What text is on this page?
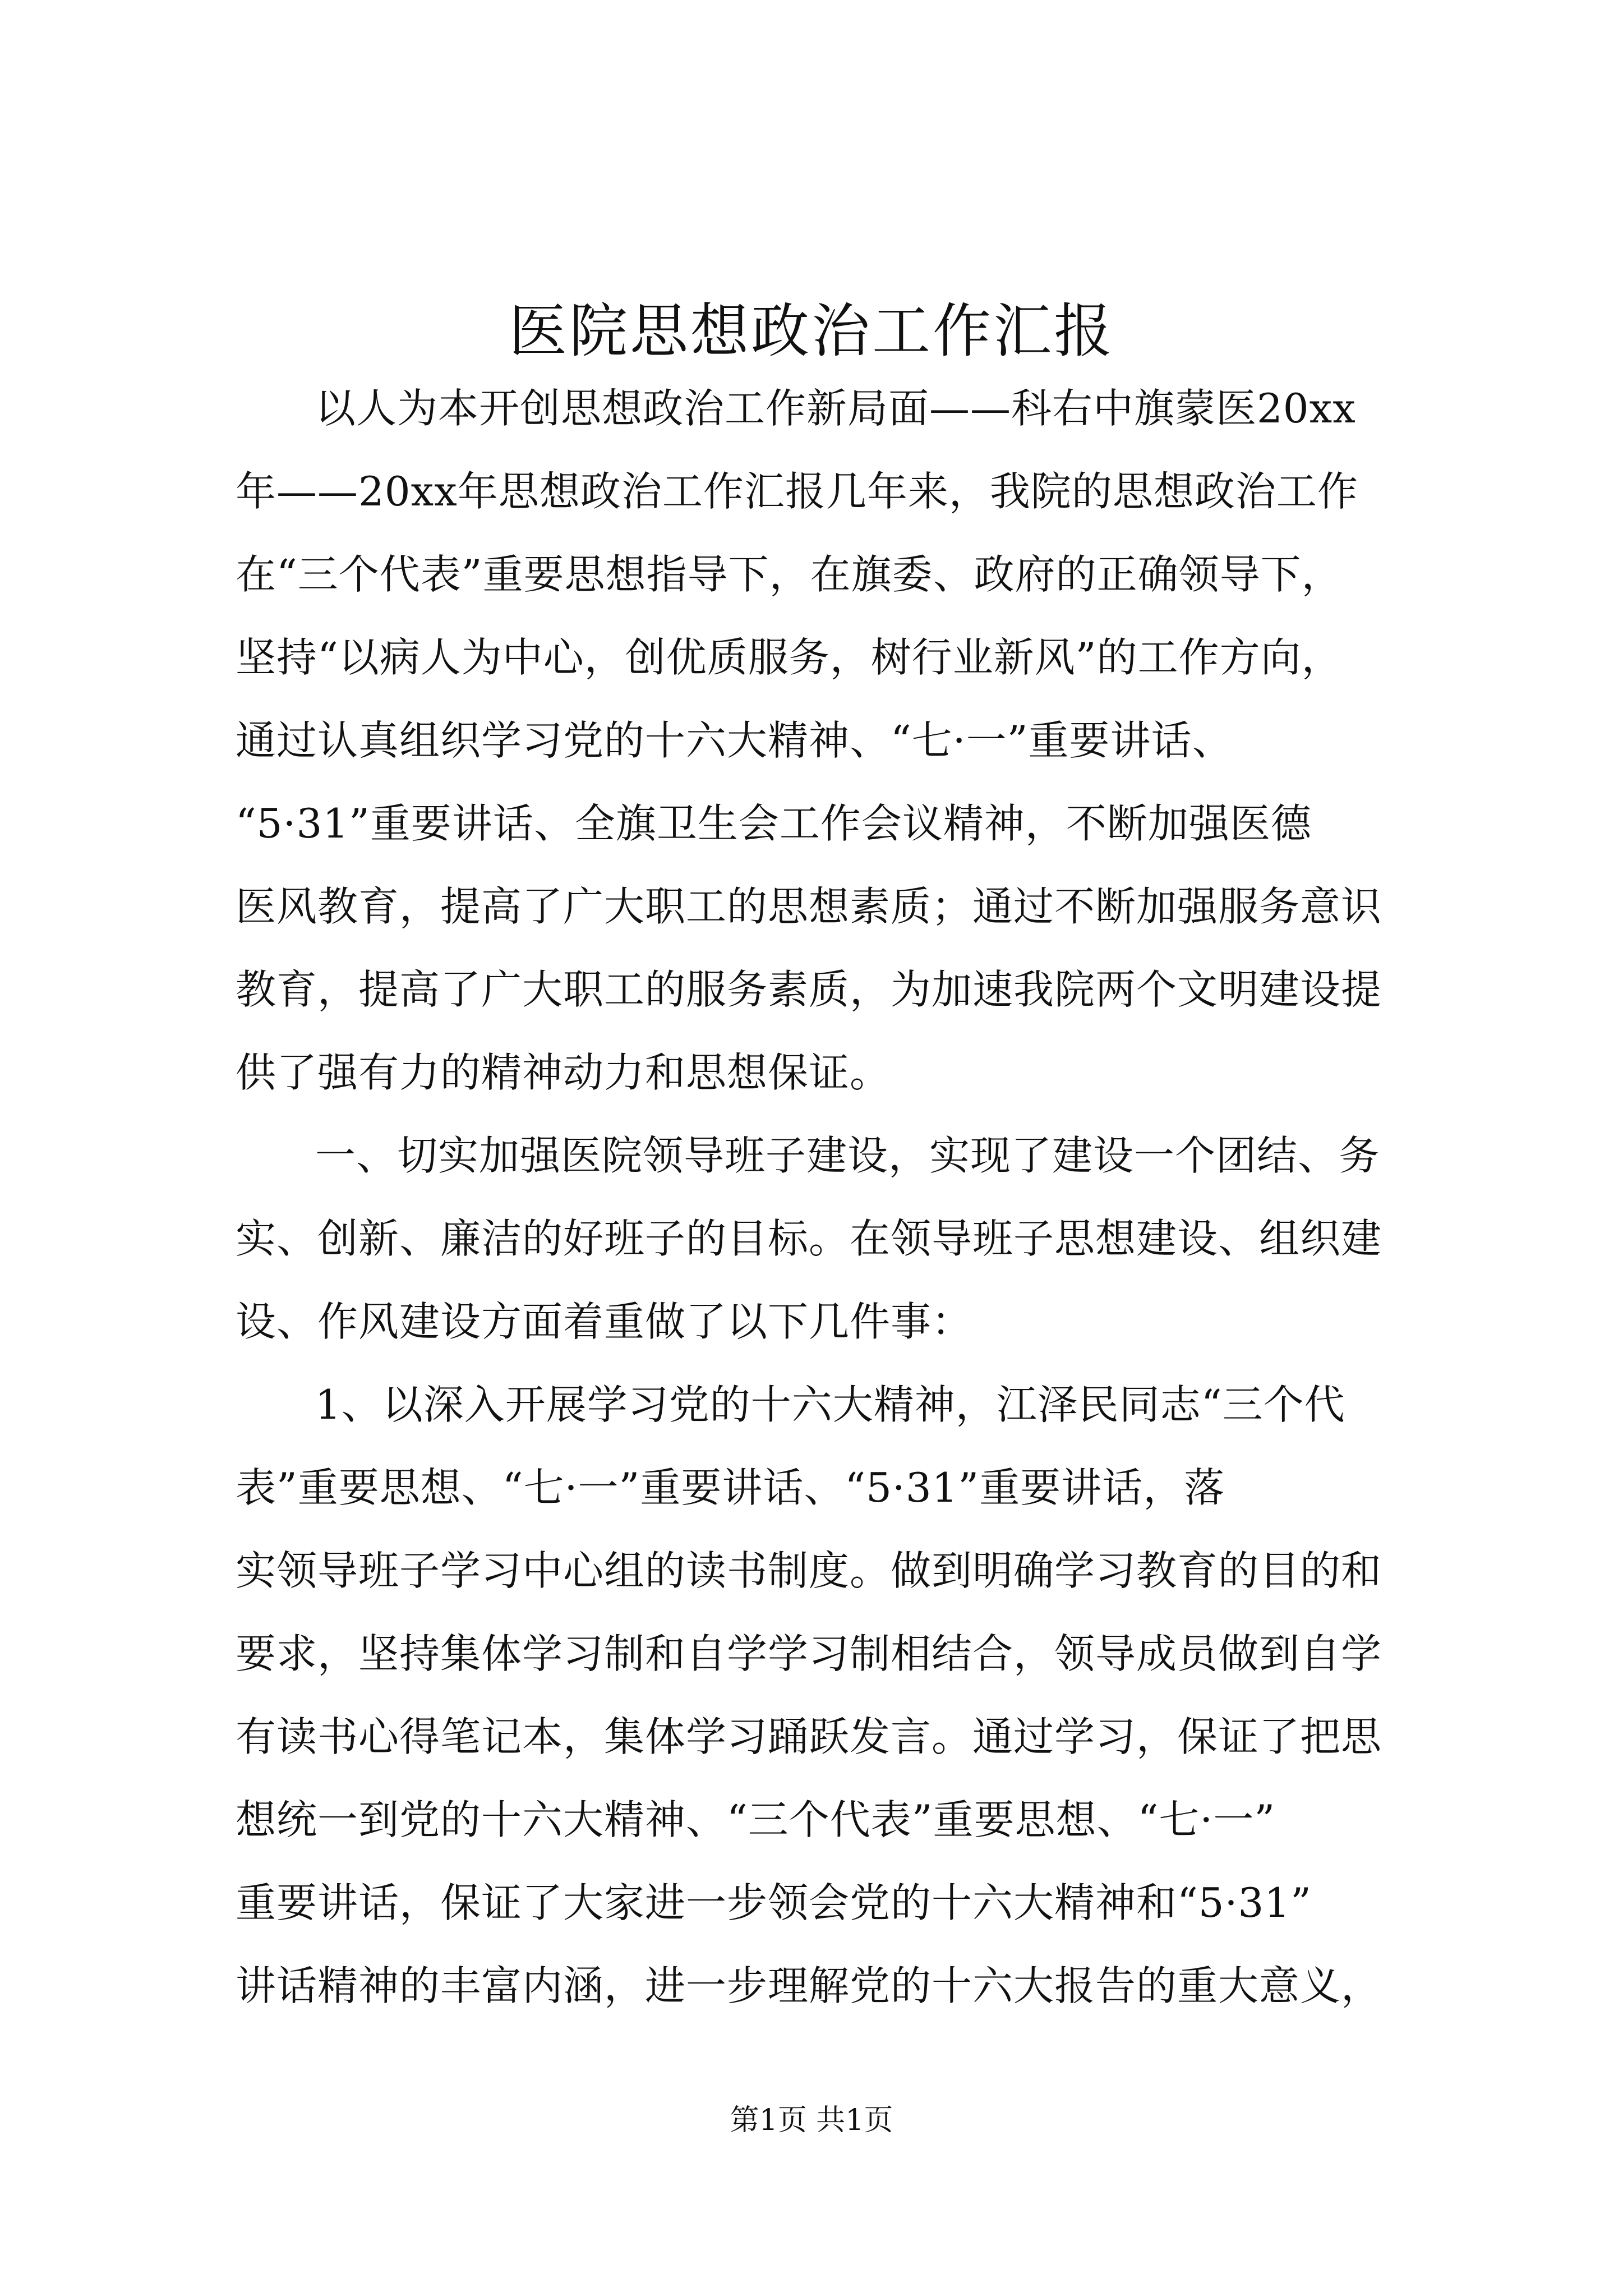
医院思想政治工作汇报
以人为本开创思想政治工作新局面——科右中旗蒙医20xx
年——20xx年思想政治工作汇报几年来，我院的思想政治工作
在“三个代表”重要思想指导下，在旗委、政府的正确领导下，
坚持“以病人为中心，创优质服务，树行业新风”的工作方向，
通过认真组织学习党的十六大精神、“七·一”重要讲话、
“5·31”重要讲话、全旗卫生会工作会议精神，不断加强医德
医风教育，提高了广大职工的思想素质；通过不断加强服务意识
教育，提高了广大职工的服务素质，为加速我院两个文明建设提
供了强有力的精神动力和思想保证。
一、切实加强医院领导班子建设，实现了建设一个团结、务
实、创新、廉洁的好班子的目标。在领导班子思想建设、组织建
设、作风建设方面着重做了以下几件事：
1、以深入开展学习党的十六大精神，江泽民同志“三个代
表”重要思想、“七·一”重要讲话、“5·31”重要讲话，落
实领导班子学习中心组的读书制度。做到明确学习教育的目的和
要求，坚持集体学习制和自学学习制相结合，领导成员做到自学
有读书心得笔记本，集体学习踊跃发言。通过学习，保证了把思
想统一到党的十六大精神、“三个代表”重要思想、“七·一”
重要讲话，保证了大家进一步领会党的十六大精神和“5·31”
讲话精神的丰富内涵，进一步理解党的十六大报告的重大意义，
第1页 共1页
